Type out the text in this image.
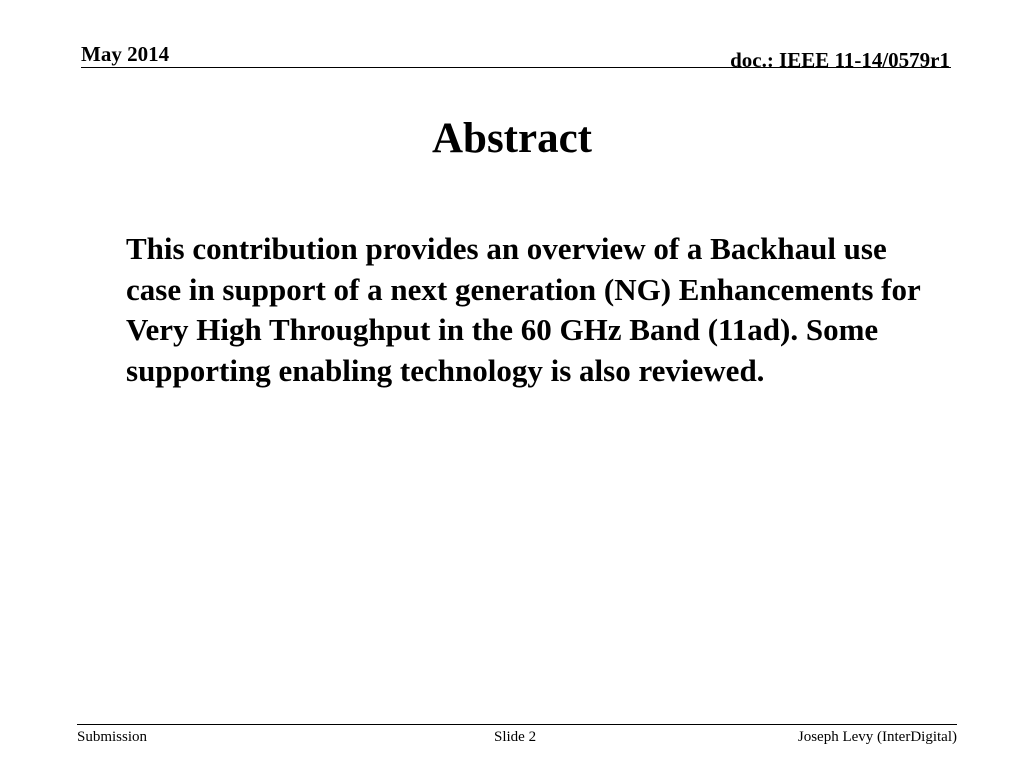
May 2014	doc.: IEEE 11-14/0579r1
Abstract
This contribution provides an overview of a Backhaul use case in support of a next generation (NG) Enhancements for Very High Throughput in the 60 GHz Band (11ad). Some supporting enabling technology is also reviewed.
Submission	Slide 2	Joseph Levy (InterDigital)
